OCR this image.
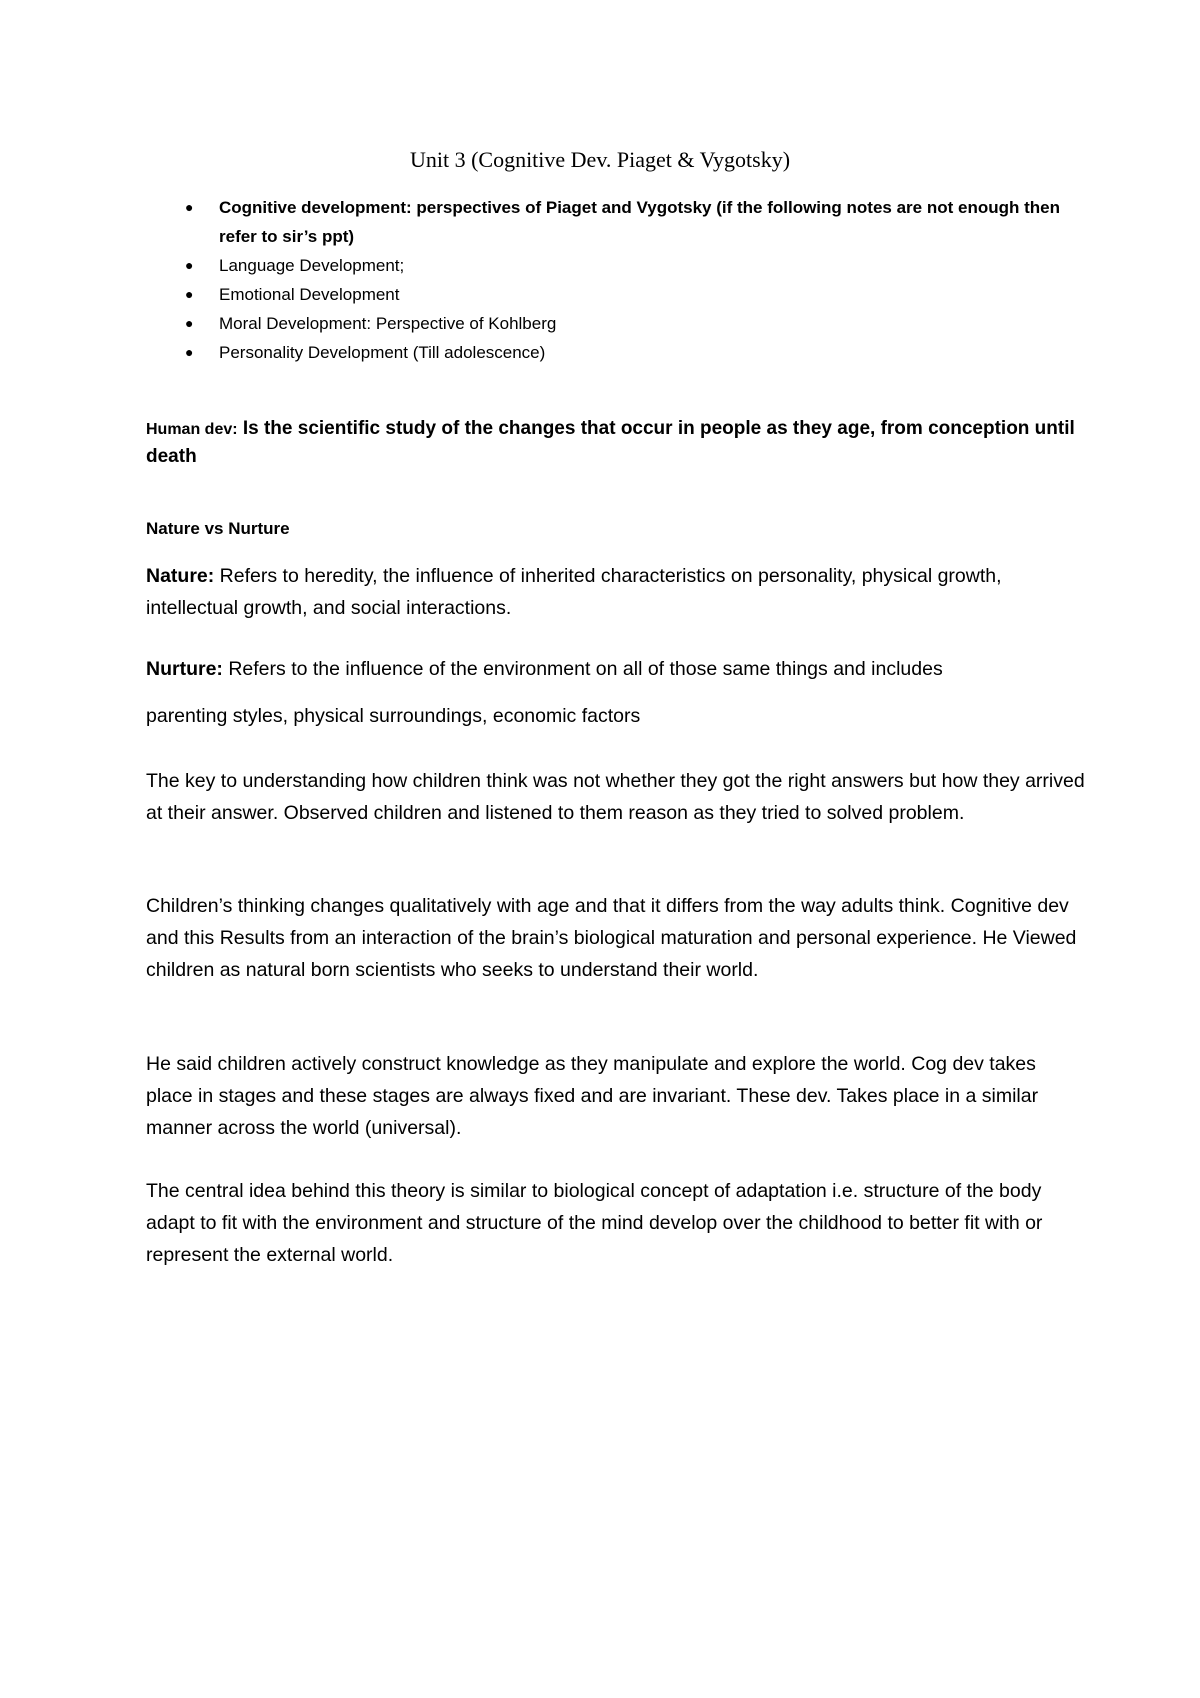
Unit 3 (Cognitive Dev. Piaget & Vygotsky)
●	Cognitive development: perspectives of Piaget and Vygotsky (if the following notes are not enough then refer to sir’s ppt)
●	Language Development;
●	Emotional Development
●	Moral Development: Perspective of Kohlberg
●	Personality Development (Till adolescence)

Human dev: Is the scientific study of the changes that occur in people as they age, from conception until death

Nature vs Nurture

Nature: Refers to heredity, the influence of inherited characteristics on personality, physical growth, intellectual growth, and social interactions.

Nurture: Refers to the influence of the environment on all of those same things and includes
parenting styles, physical surroundings, economic factors

The key to understanding how children think was not whether they got the right answers but how they arrived at their answer. Observed children and listened to them reason as they tried to solved problem.

Children’s thinking changes qualitatively with age and that it differs from the way adults think. Cognitive dev and this Results from an interaction of the brain’s biological maturation and personal experience. He Viewed children as natural born scientists who seeks to understand their world.

He said children actively construct knowledge as they manipulate and explore the world. Cog dev takes place in stages and these stages are always fixed and are invariant. These dev. Takes place in a similar manner across the world (universal).

The central idea behind this theory is similar to biological concept of adaptation i.e. structure of the body adapt to fit with the environment and structure of the mind develop over the childhood to better fit with or represent the external world.
